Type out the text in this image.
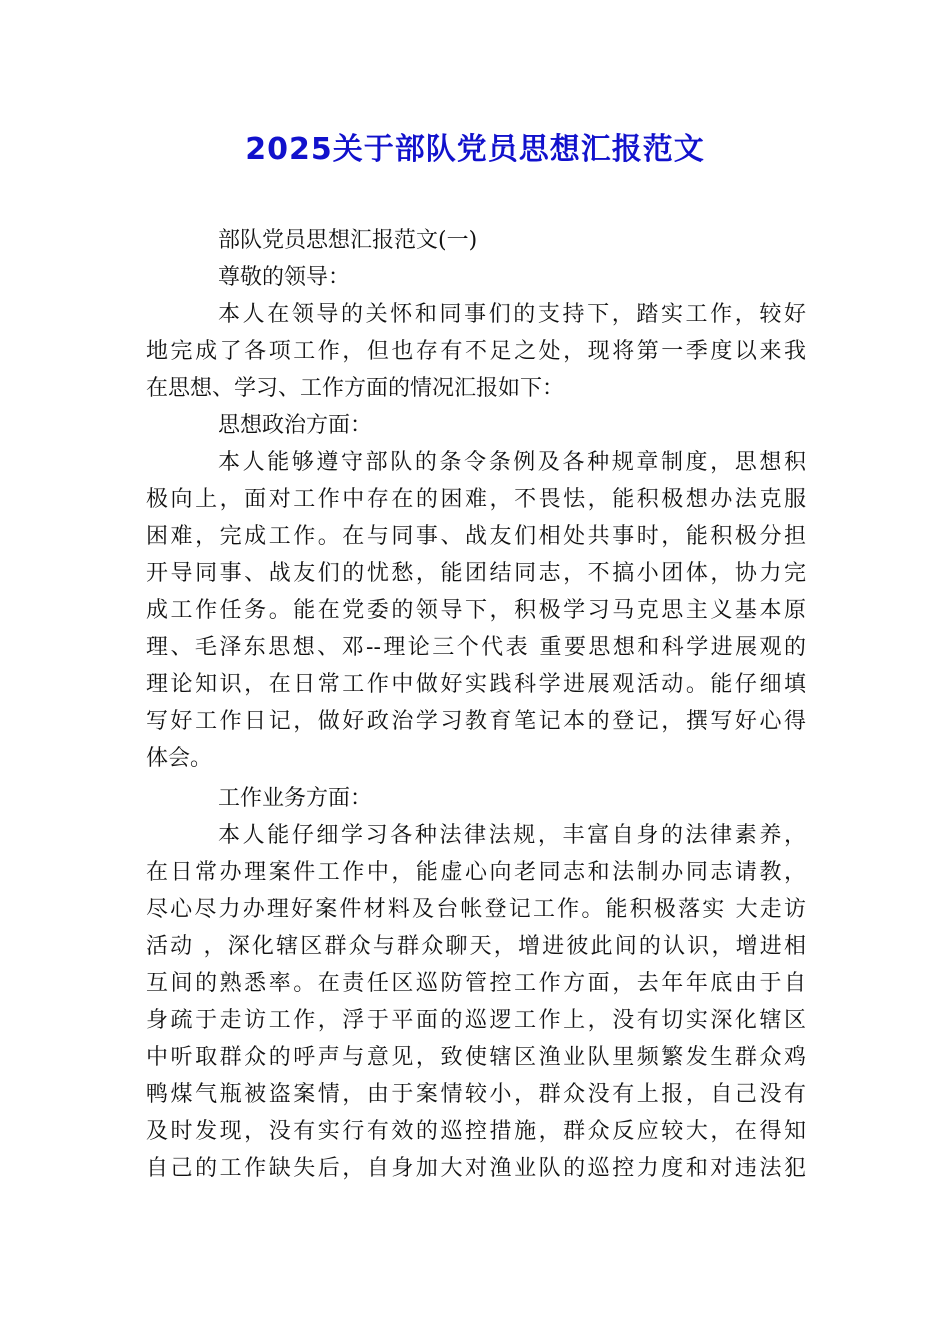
2025关于部队党员思想汇报范文
部队党员思想汇报范文(一)
尊敬的领导：
本人在领导的关怀和同事们的支持下，踏实工作，较好
地完成了各项工作，但也存有不足之处，现将第一季度以来我
在思想、学习、工作方面的情况汇报如下：
思想政治方面：
本人能够遵守部队的条令条例及各种规章制度，思想积
极向上，面对工作中存在的困难，不畏怯，能积极想办法克服
困难，完成工作。在与同事、战友们相处共事时，能积极分担
开导同事、战友们的忧愁，能团结同志，不搞小团体，协力完
成工作任务。能在党委的领导下，积极学习马克思主义基本原
理、毛泽东思想、邓--理论三个代表 重要思想和科学进展观的
理论知识，在日常工作中做好实践科学进展观活动。能仔细填
写好工作日记，做好政治学习教育笔记本的登记，撰写好心得
体会。
工作业务方面：
本人能仔细学习各种法律法规，丰富自身的法律素养，
在日常办理案件工作中，能虚心向老同志和法制办同志请教，
尽心尽力办理好案件材料及台帐登记工作。能积极落实 大走访
活动 ，深化辖区群众与群众聊天，增进彼此间的认识，增进相
互间的熟悉率。在责任区巡防管控工作方面，去年年底由于自
身疏于走访工作，浮于平面的巡逻工作上，没有切实深化辖区
中听取群众的呼声与意见，致使辖区渔业队里频繁发生群众鸡
鸭煤气瓶被盗案情，由于案情较小，群众没有上报，自己没有
及时发现，没有实行有效的巡控措施，群众反应较大，在得知
自己的工作缺失后，自身加大对渔业队的巡控力度和对违法犯
